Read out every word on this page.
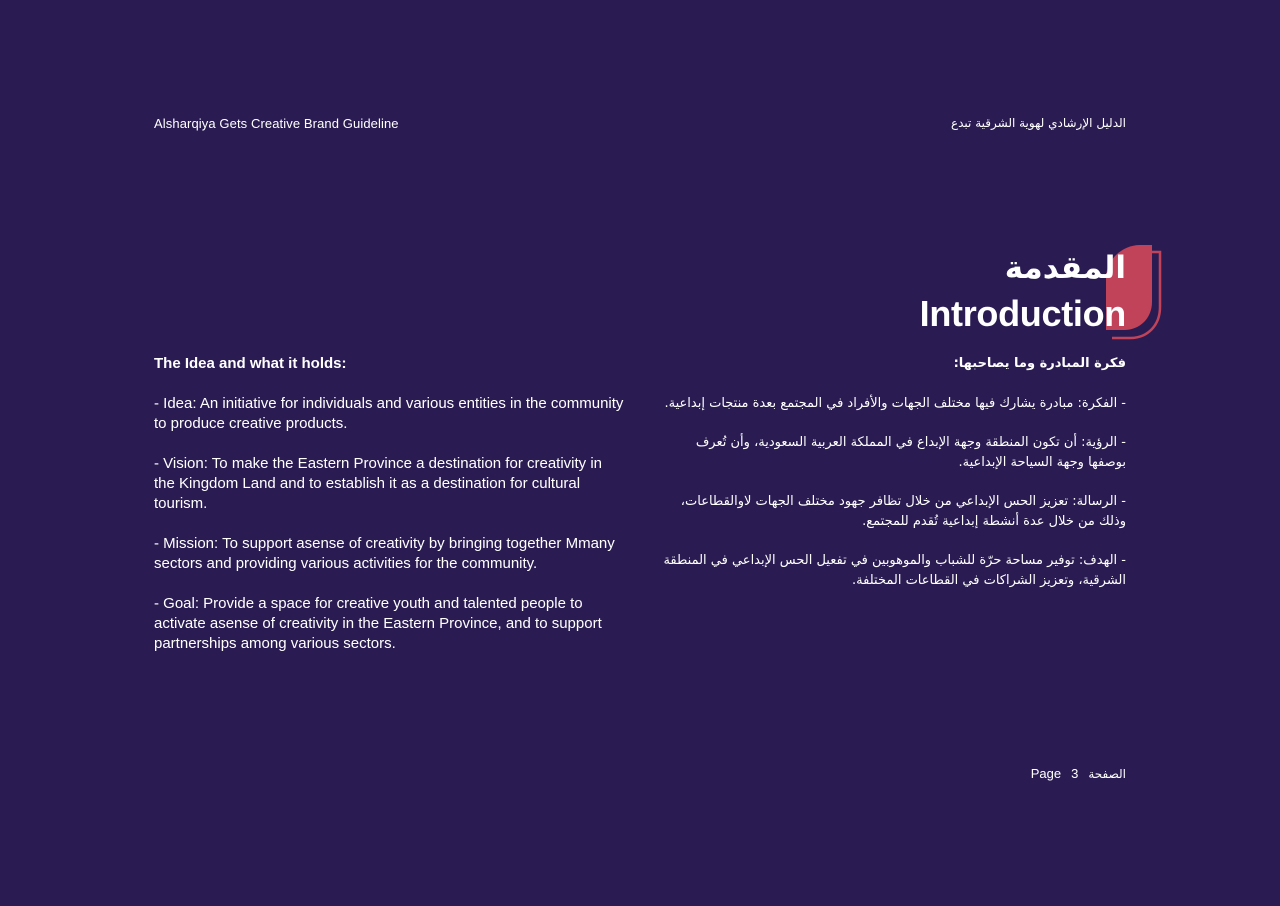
Alsharqiya Gets Creative Brand Guideline	الدليل الإرشادي لهوية الشرقية تبدع
المقدمة
Introduction
The Idea and what it holds:

- Idea: An initiative for individuals and various entities in the community to produce creative products.

- Vision: To make the Eastern Province a destination for creativity in the Kingdom Land and to establish it as a destination for cultural tourism.

- Mission: To support asense of creativity by bringing together Mmany sectors and providing various activities for the community.

- Goal: Provide a space for creative youth and talented people to activate asense of creativity in the Eastern Province, and to support partnerships among various sectors.

فكرة المبادرة وما يصاحبها:

- الفكرة: مبادرة يشارك فيها مختلف الجهات والأفراد في المجتمع بعدة منتجات إبداعية.

- الرؤية: أن تكون المنطقة وجهة الإبداع في المملكة العربية السعودية، وأن تُعرف بوصفها وجهة السياحة الإبداعية.

- الرسالة: تعزيز الحس الإبداعي من خلال تظافر جهود مختلف الجهات لاوالقطاعات، وذلك من خلال عدة أنشطة إبداعية تُقدم للمجتمع.

- الهدف: توفير مساحة حرّة للشباب والموهوبين في تفعيل الحس الإبداعي في المنطقة الشرقية، وتعزيز الشراكات في القطاعات المختلفة.

Page 3 الصفحة
